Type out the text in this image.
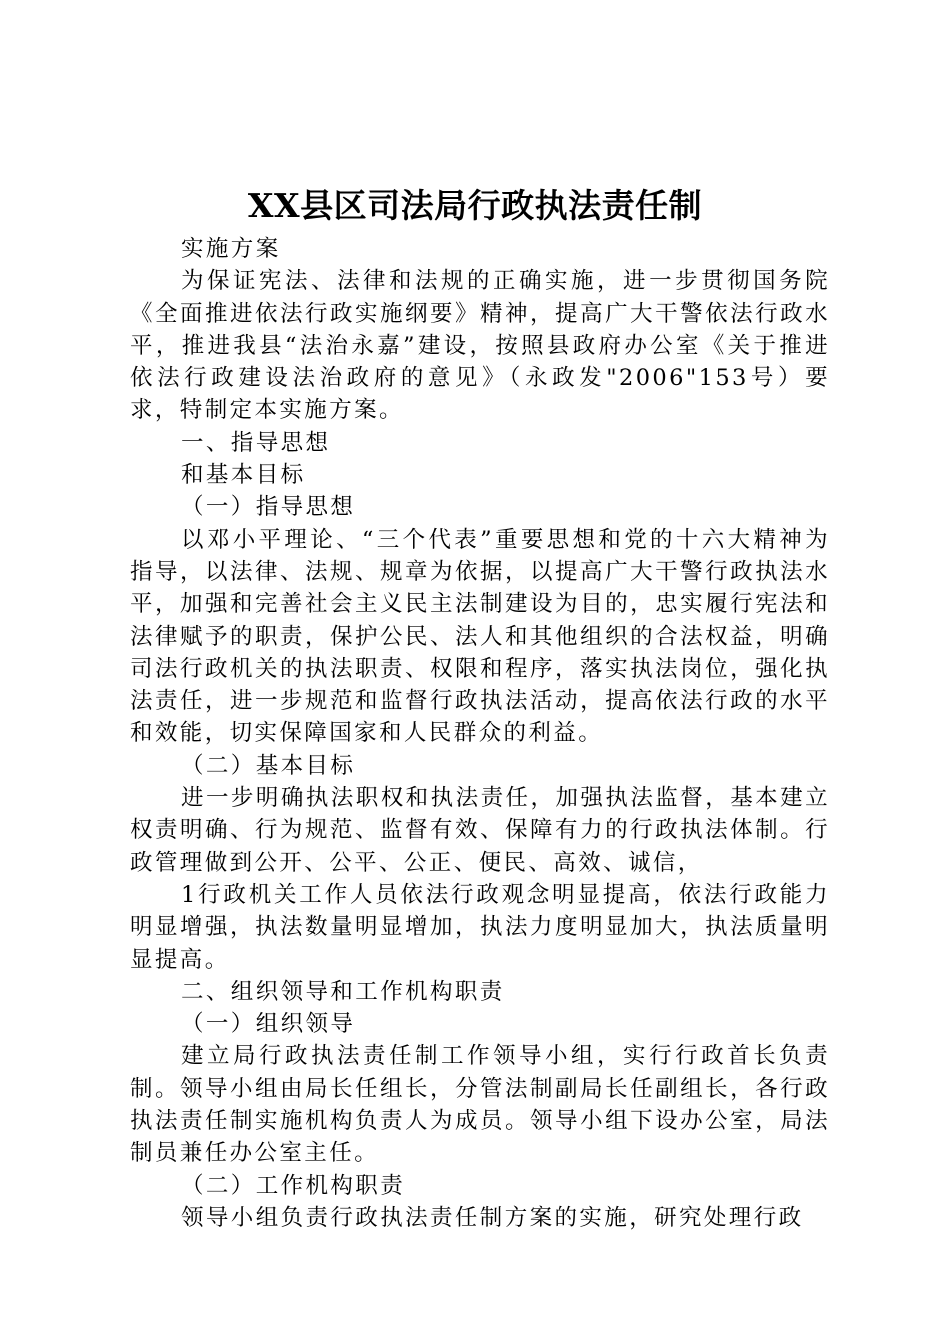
XX县区司法局行政执法责任制

实施方案

为保证宪法、法律和法规的正确实施，进一步贯彻国务院《全面推进依法行政实施纲要》精神，提高广大干警依法行政水平，推进我县“法治永嘉”建设，按照县政府办公室《关于推进依法行政建设法治政府的意见》（永政发"2006"153号）要求，特制定本实施方案。

一、指导思想

和基本目标

（一）指导思想

以邓小平理论、“三个代表”重要思想和党的十六大精神为指导，以法律、法规、规章为依据，以提高广大干警行政执法水平，加强和完善社会主义民主法制建设为目的，忠实履行宪法和法律赋予的职责，保护公民、法人和其他组织的合法权益，明确司法行政机关的执法职责、权限和程序，落实执法岗位，强化执法责任，进一步规范和监督行政执法活动，提高依法行政的水平和效能，切实保障国家和人民群众的利益。

（二）基本目标

进一步明确执法职权和执法责任，加强执法监督，基本建立权责明确、行为规范、监督有效、保障有力的行政执法体制。行政管理做到公开、公平、公正、便民、高效、诚信，

1行政机关工作人员依法行政观念明显提高，依法行政能力明显增强，执法数量明显增加，执法力度明显加大，执法质量明显提高。

二、组织领导和工作机构职责

（一）组织领导

建立局行政执法责任制工作领导小组，实行行政首长负责制。领导小组由局长任组长，分管法制副局长任副组长，各行政执法责任制实施机构负责人为成员。领导小组下设办公室，局法制员兼任办公室主任。

（二）工作机构职责

领导小组负责行政执法责任制方案的实施，研究处理行政
